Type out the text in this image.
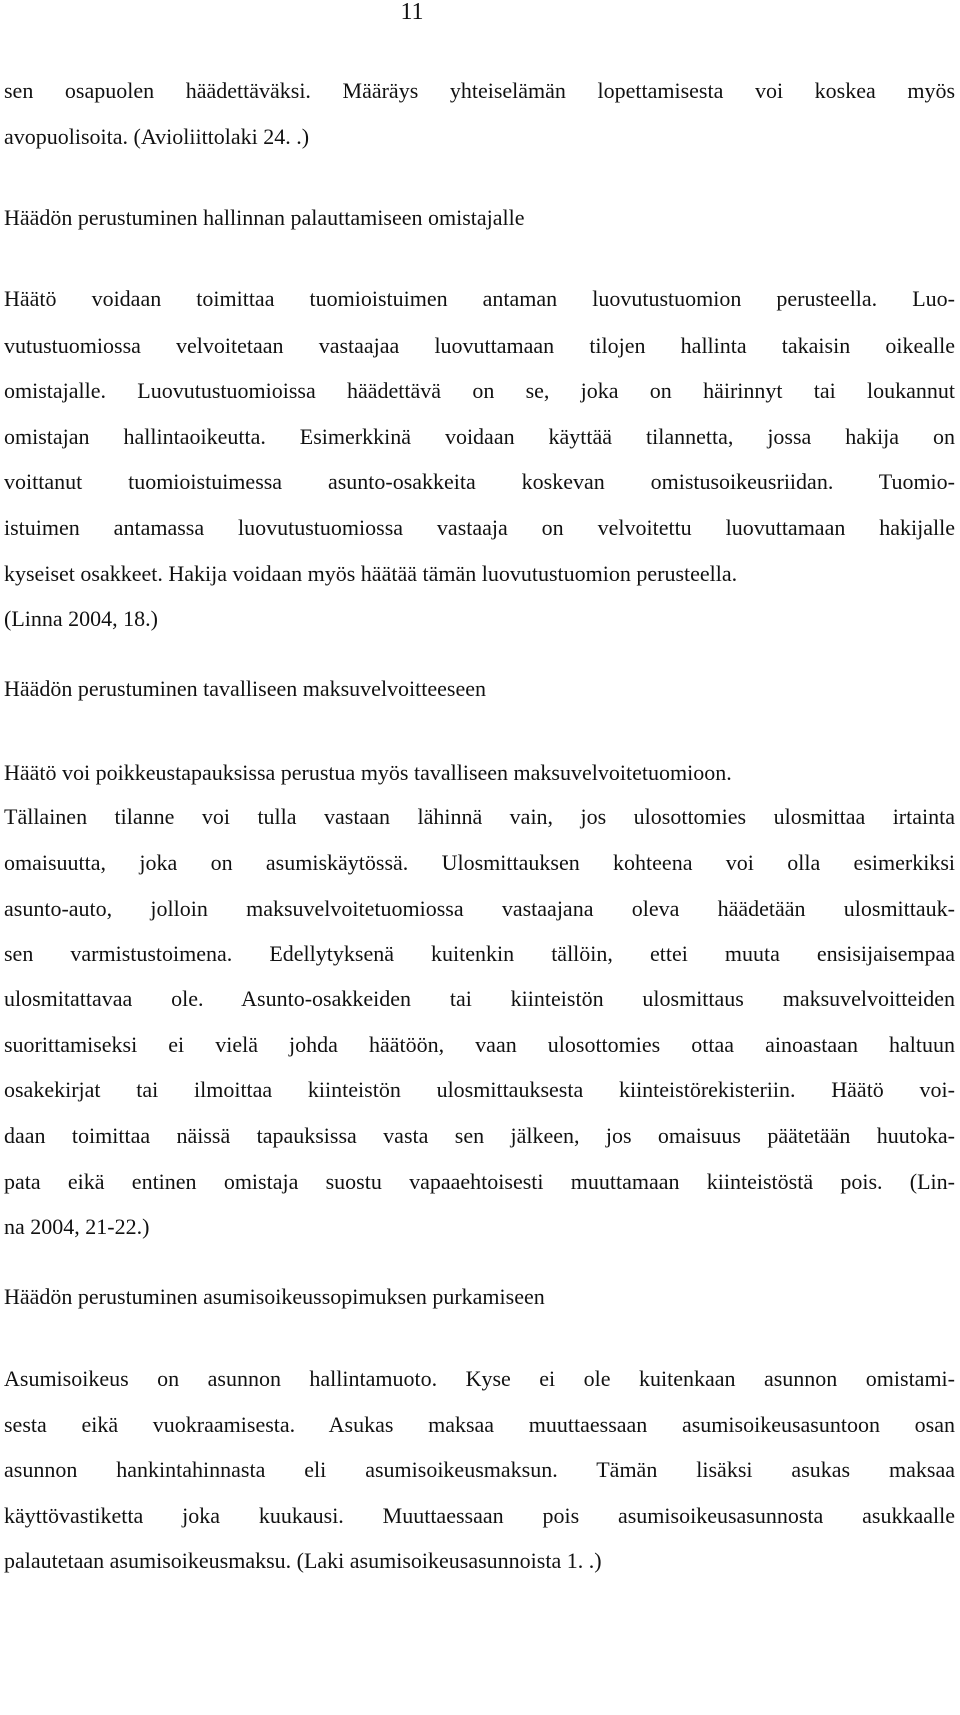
11
sen osapuolen häädettäväksi. Määräys yhteiselämän lopettamisesta voi koskea myös
avopuolisoita. (Avioliittolaki 24. .)
Häädön perustuminen hallinnan palauttamiseen omistajalle
Häätö voidaan toimittaa tuomioistuimen antaman luovutustuomion perusteella. Luo-
vutustuomiossa velvoitetaan vastaajaa luovuttamaan tilojen hallinta takaisin oikealle
omistajalle. Luovutustuomioissa häädettävä on se, joka on häirinnyt tai loukannut
omistajan hallintaoikeutta. Esimerkkinä voidaan käyttää tilannetta, jossa hakija on
voittanut tuomioistuimessa asunto-osakkeita koskevan omistusoikeusriidan. Tuomio-
istuimen antamassa luovutustuomiossa vastaaja on velvoitettu luovuttamaan hakijalle
kyseiset osakkeet. Hakija voidaan myös häätää tämän luovutustuomion perusteella.
(Linna 2004, 18.)
Häädön perustuminen tavalliseen maksuvelvoitteeseen
Häätö voi poikkeustapauksissa perustua myös tavalliseen maksuvelvoitetuomioon.
Tällainen tilanne voi tulla vastaan lähinnä vain, jos ulosottomies ulosmittaa irtainta
omaisuutta, joka on asumiskäytössä. Ulosmittauksen kohteena voi olla esimerkiksi
asunto-auto, jolloin maksuvelvoitetuomiossa vastaajana oleva häädetään ulosmittauk-
sen varmistustoimena. Edellytyksenä kuitenkin tällöin, ettei muuta ensisijaisempaa
ulosmitattavaa ole. Asunto-osakkeiden tai kiinteistön ulosmittaus maksuvelvoitteiden
suorittamiseksi ei vielä johda häätöön, vaan ulosottomies ottaa ainoastaan haltuun
osakekirjat tai ilmoittaa kiinteistön ulosmittauksesta kiinteistörekisteriin. Häätö voi-
daan toimittaa näissä tapauksissa vasta sen jälkeen, jos omaisuus päätetään huutoka-
pata eikä entinen omistaja suostu vapaaehtoisesti muuttamaan kiinteistöstä pois. (Lin-
na 2004, 21-22.)
Häädön perustuminen asumisoikeussopimuksen purkamiseen
Asumisoikeus on asunnon hallintamuoto. Kyse ei ole kuitenkaan asunnon omistami-
sesta eikä vuokraamisesta. Asukas maksaa muuttaessaan asumisoikeusasuntoon osan
asunnon hankintahinnasta eli asumisoikeusmaksun. Tämän lisäksi asukas maksaa
käyttövastiketta joka kuukausi. Muuttaessaan pois asumisoikeusasunnosta asukkaalle
palautetaan asumisoikeusmaksu. (Laki asumisoikeusasunnoista 1. .)
